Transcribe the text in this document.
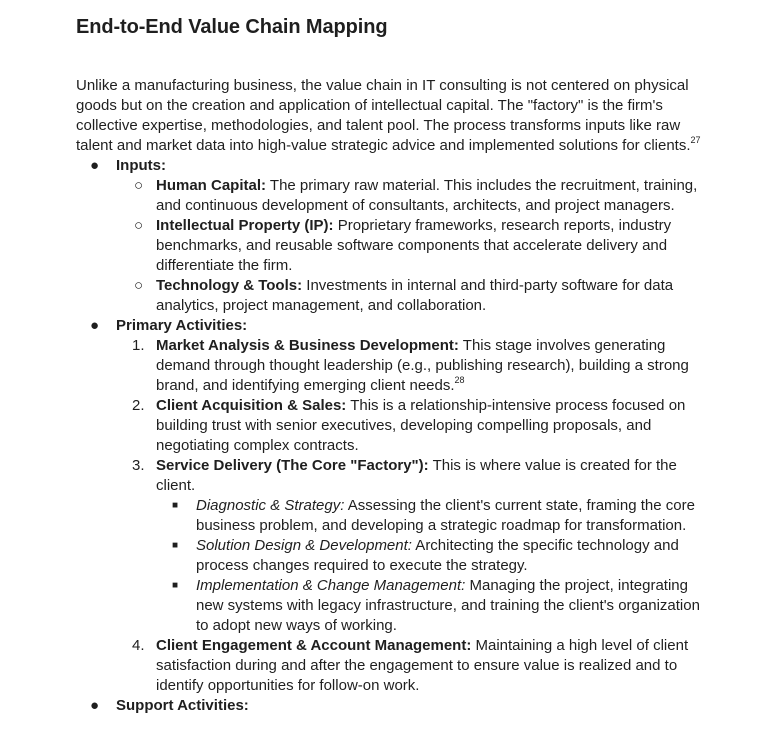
End-to-End Value Chain Mapping

Unlike a manufacturing business, the value chain in IT consulting is not centered on physical goods but on the creation and application of intellectual capital. The "factory" is the firm's collective expertise, methodologies, and talent pool. The process transforms inputs like raw talent and market data into high-value strategic advice and implemented solutions for clients.$^{27}$

● Inputs:
○ Human Capital: The primary raw material. This includes the recruitment, training, and continuous development of consultants, architects, and project managers.
○ Intellectual Property (IP): Proprietary frameworks, research reports, industry benchmarks, and reusable software components that accelerate delivery and differentiate the firm.
○ Technology & Tools: Investments in internal and third-party software for data analytics, project management, and collaboration.
● Primary Activities:
1. Market Analysis & Business Development: This stage involves generating demand through thought leadership (e.g., publishing research), building a strong brand, and identifying emerging client needs.$^{28}$
2. Client Acquisition & Sales: This is a relationship-intensive process focused on building trust with senior executives, developing compelling proposals, and negotiating complex contracts.
3. Service Delivery (The Core "Factory"): This is where value is created for the client.
■ Diagnostic & Strategy: Assessing the client's current state, framing the core business problem, and developing a strategic roadmap for transformation.
■ Solution Design & Development: Architecting the specific technology and process changes required to execute the strategy.
■ Implementation & Change Management: Managing the project, integrating new systems with legacy infrastructure, and training the client's organization to adopt new ways of working.
4. Client Engagement & Account Management: Maintaining a high level of client satisfaction during and after the engagement to ensure value is realized and to identify opportunities for follow-on work.
● Support Activities:
